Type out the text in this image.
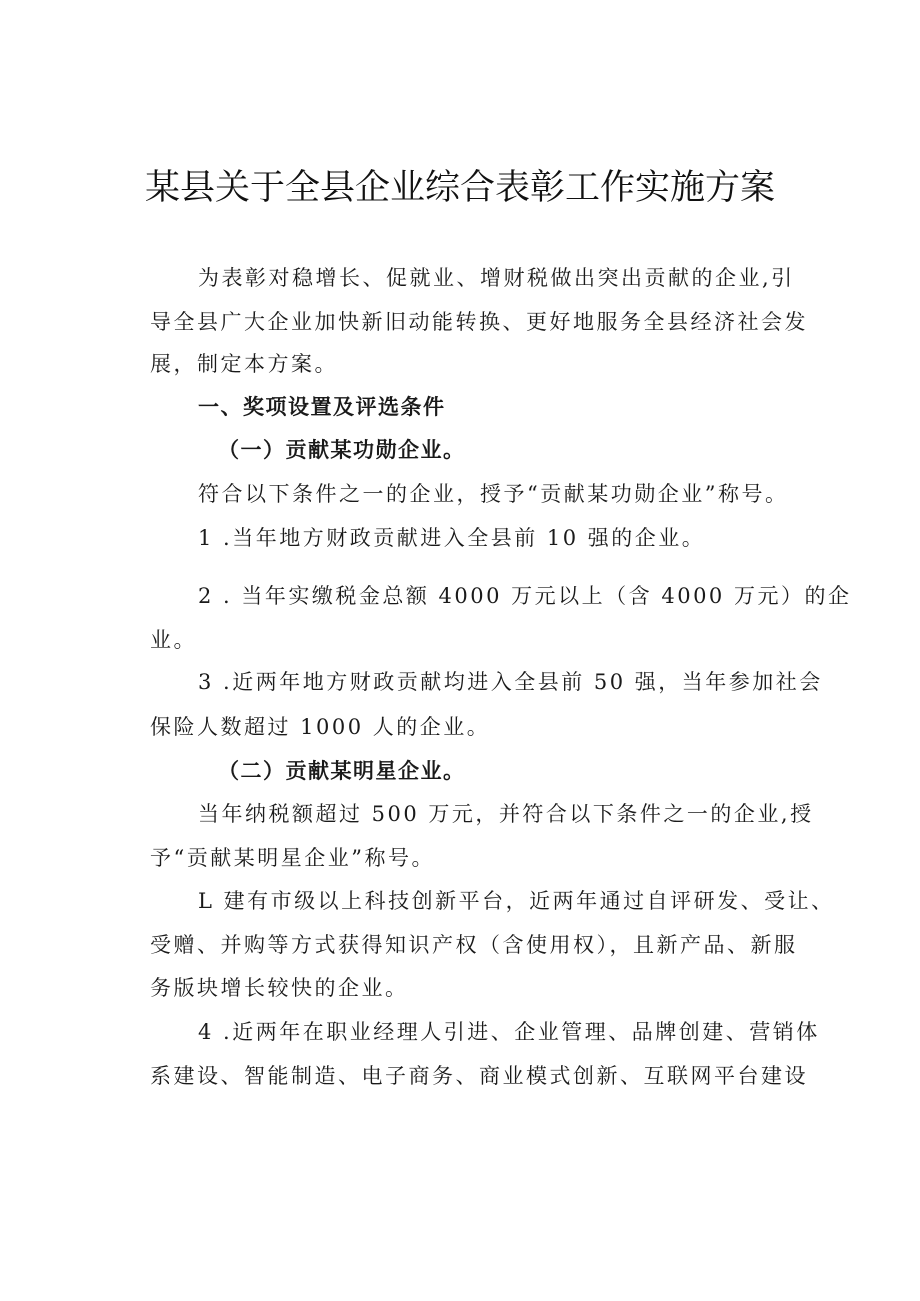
某县关于全县企业综合表彰工作实施方案
为表彰对稳增长、促就业、增财税做出突出贡献的企业,引
导全县广大企业加快新旧动能转换、更好地服务全县经济社会发
展，制定本方案。
一、奖项设置及评选条件
（一）贡献某功勋企业。
符合以下条件之一的企业，授予“贡献某功勋企业”称号。
1 .当年地方财政贡献进入全县前 10 强的企业。
2 . 当年实缴税金总额 4000 万元以上（含 4000 万元）的企
业。
3 .近两年地方财政贡献均进入全县前 50 强，当年参加社会
保险人数超过 1000 人的企业。
（二）贡献某明星企业。
当年纳税额超过 500 万元，并符合以下条件之一的企业,授
予“贡献某明星企业”称号。
L 建有市级以上科技创新平台，近两年通过自评研发、受让、
受赠、并购等方式获得知识产权（含使用权），且新产品、新服
务版块增长较快的企业。
4 .近两年在职业经理人引进、企业管理、品牌创建、营销体
系建设、智能制造、电子商务、商业模式创新、互联网平台建设
